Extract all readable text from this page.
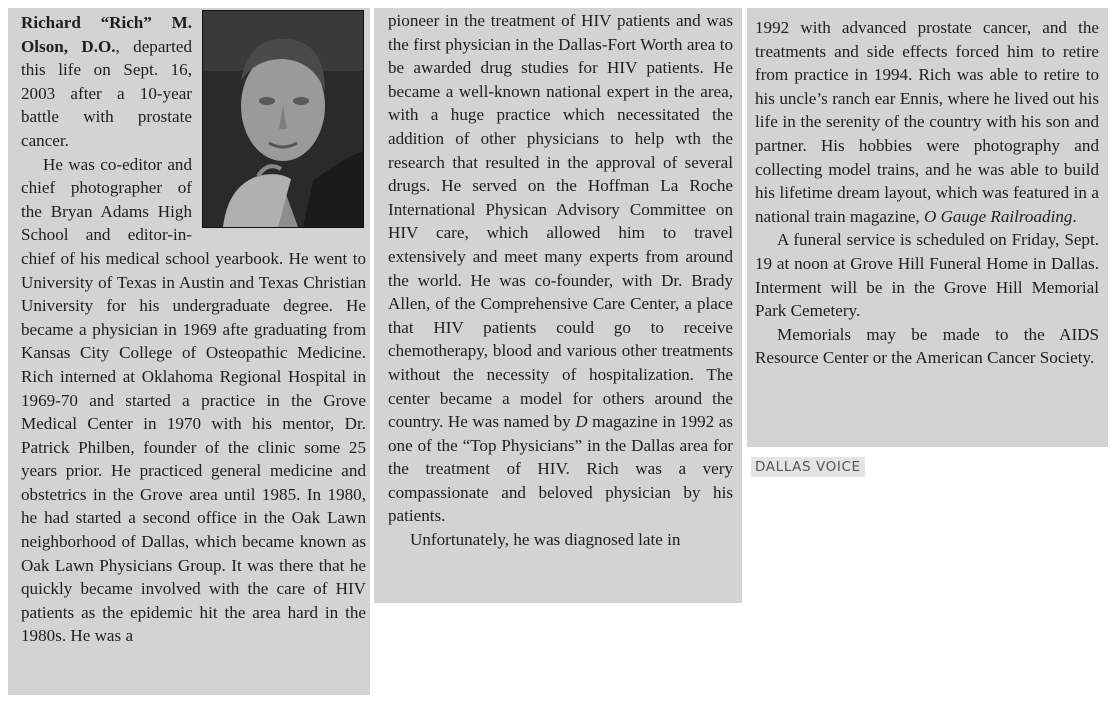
Richard “Rich” M. Olson, D.O., departed this life on Sept. 16, 2003 after a 10-year battle with prostate cancer.

He was co-editor and chief photographer of the Bryan Adams High School and editor-in-chief of his medical school yearbook. He went to University of Texas in Austin and Texas Christian University for his undergraduate degree. He became a physician in 1969 afte graduating from Kansas City College of Osteopathic Medicine. Rich interned at Oklahoma Regional Hospital in 1969-70 and started a practice in the Grove Medical Center in 1970 with his mentor, Dr. Patrick Philben, founder of the clinic some 25 years prior. He practiced general medicine and obstetrics in the Grove area until 1985. In 1980, he had started a second office in the Oak Lawn neighborhood of Dallas, which became known as Oak Lawn Physicians Group. It was there that he quickly became involved with the care of HIV patients as the epidemic hit the area hard in the 1980s. He was a

pioneer in the treatment of HIV patients and was the first physician in the Dallas-Fort Worth area to be awarded drug studies for HIV patients. He became a well-known national expert in the area, with a huge practice which necessitated the addition of other physicians to help wth the research that resulted in the approval of several drugs. He served on the Hoffman La Roche International Physican Advisory Committee on HIV care, which allowed him to travel extensively and meet many experts from around the world. He was co-founder, with Dr. Brady Allen, of the Comprehensive Care Center, a place that HIV patients could go to receive chemotherapy, blood and various other treatments without the necessity of hospitalization. The center became a model for others around the country. He was named by D magazine in 1992 as one of the “Top Physicians” in the Dallas area for the treatment of HIV. Rich was a very compassionate and beloved physician by his patients.

Unfortunately, he was diagnosed late in

1992 with advanced prostate cancer, and the treatments and side effects forced him to retire from practice in 1994. Rich was able to retire to his uncle’s ranch ear Ennis, where he lived out his life in the serenity of the country with his son and partner. His hobbies were photography and collecting model trains, and he was able to build his lifetime dream layout, which was featured in a national train magazine, O Gauge Railroading.

A funeral service is scheduled on Friday, Sept. 19 at noon at Grove Hill Funeral Home in Dallas. Interment will be in the Grove Hill Memorial Park Cemetery.

Memorials may be made to the AIDS Resource Center or the American Cancer Society.

DALLAS VOICE
